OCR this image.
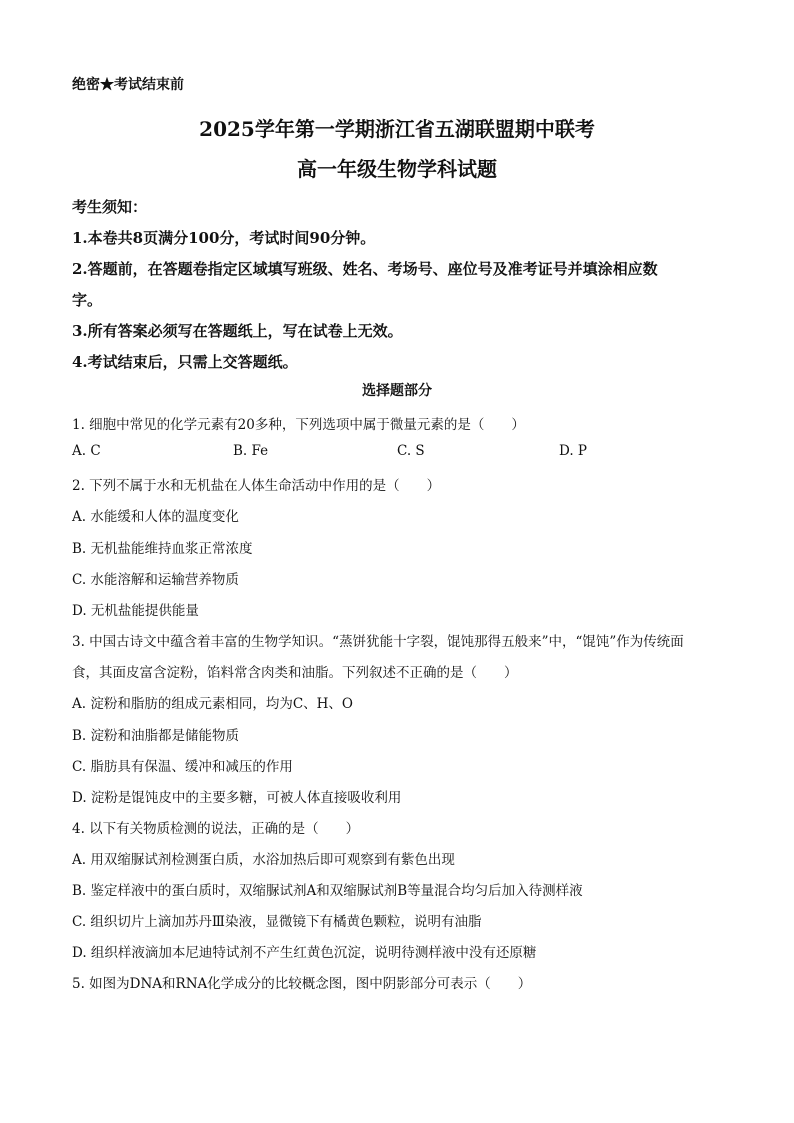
绝密★考试结束前
2025学年第一学期浙江省五湖联盟期中联考
高一年级生物学科试题
考生须知：
1.本卷共8页满分100分，考试时间90分钟。
2.答题前，在答题卷指定区域填写班级、姓名、考场号、座位号及准考证号并填涂相应数
字。
3.所有答案必须写在答题纸上，写在试卷上无效。
4.考试结束后，只需上交答题纸。
选择题部分
1. 细胞中常见的化学元素有20多种，下列选项中属于微量元素的是（　　）
A. C	B. Fe	C. S	D. P
2. 下列不属于水和无机盐在人体生命活动中作用的是（　　）
A. 水能缓和人体的温度变化
B. 无机盐能维持血浆正常浓度
C. 水能溶解和运输营养物质
D. 无机盐能提供能量
3. 中国古诗文中蕴含着丰富的生物学知识。“蒸饼犹能十字裂，馄饨那得五般来”中，“馄饨”作为传统面
食，其面皮富含淀粉，馅料常含肉类和油脂。下列叙述不正确的是（　　）
A. 淀粉和脂肪的组成元素相同，均为C、H、O
B. 淀粉和油脂都是储能物质
C. 脂肪具有保温、缓冲和减压的作用
D. 淀粉是馄饨皮中的主要多糖，可被人体直接吸收利用
4. 以下有关物质检测的说法，正确的是（　　）
A. 用双缩脲试剂检测蛋白质，水浴加热后即可观察到有紫色出现
B. 鉴定样液中的蛋白质时，双缩脲试剂A和双缩脲试剂B等量混合均匀后加入待测样液
C. 组织切片上滴加苏丹Ⅲ染液，显微镜下有橘黄色颗粒，说明有油脂
D. 组织样液滴加本尼迪特试剂不产生红黄色沉淀，说明待测样液中没有还原糖
5. 如图为DNA和RNA化学成分的比较概念图，图中阴影部分可表示（　　）
